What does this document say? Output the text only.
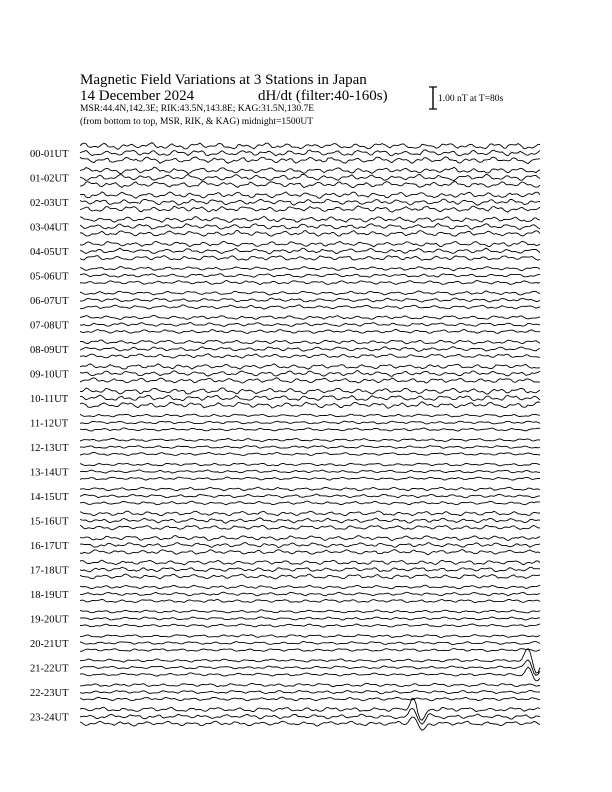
Magnetic Field Variations at 3 Stations in Japan
14 December 2024	dH/dt (filter:40-160s)
MSR:44.4N,142.3E; RIK:43.5N,143.8E; KAG:31.5N,130.7E
(from bottom to top, MSR, RIK, & KAG) midnight=1500UT
1.00 nT at T=80s
00-01UT
01-02UT
02-03UT
03-04UT
04-05UT
05-06UT
06-07UT
07-08UT
08-09UT
09-10UT
10-11UT
11-12UT
12-13UT
13-14UT
14-15UT
15-16UT
16-17UT
17-18UT
18-19UT
19-20UT
20-21UT
21-22UT
22-23UT
23-24UT
